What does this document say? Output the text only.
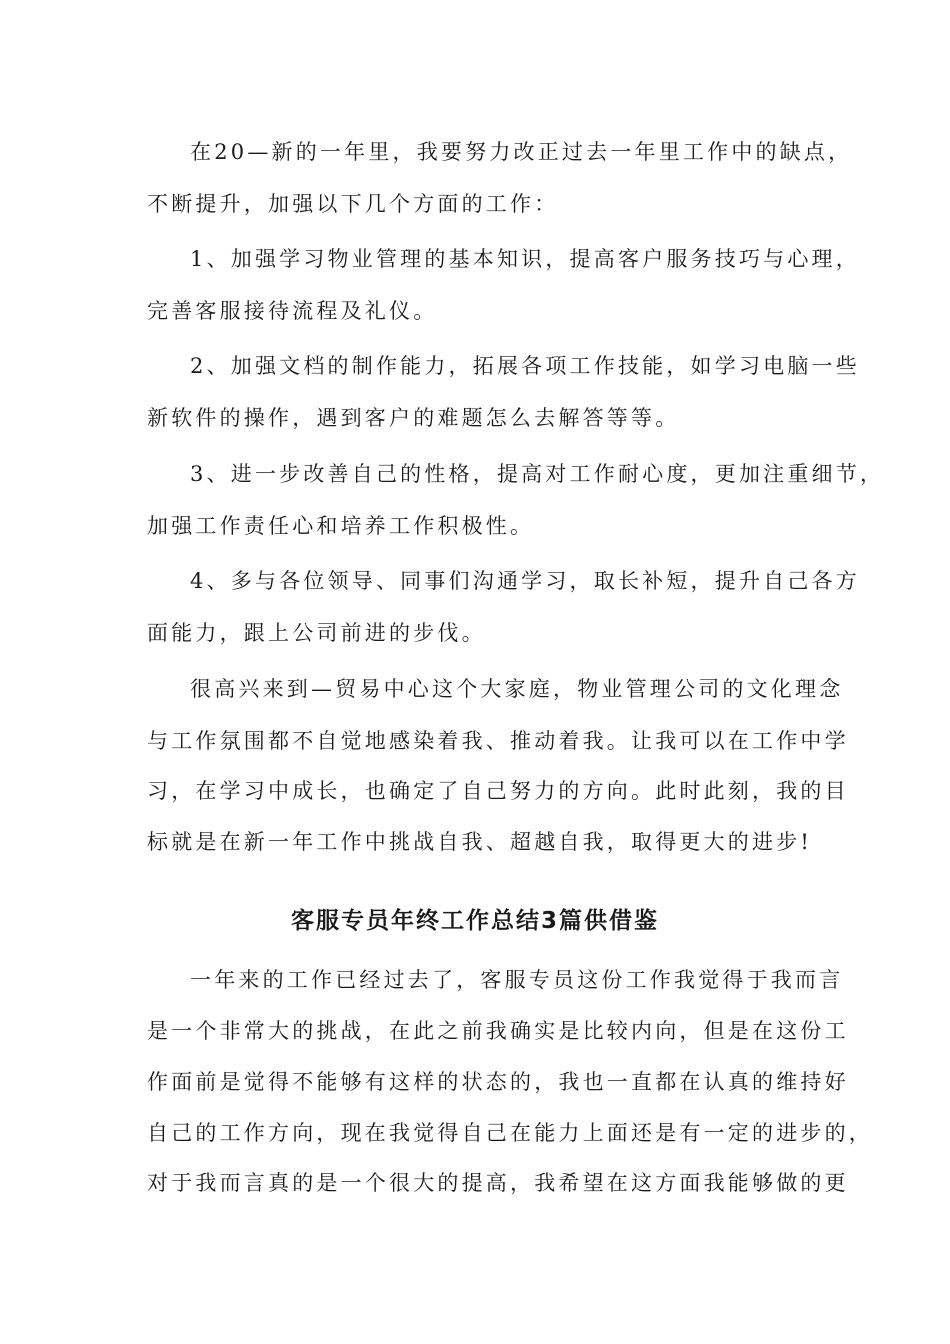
在20—新的一年里，我要努力改正过去一年里工作中的缺点，
不断提升，加强以下几个方面的工作：
1、加强学习物业管理的基本知识，提高客户服务技巧与心理，
完善客服接待流程及礼仪。
2、加强文档的制作能力，拓展各项工作技能，如学习电脑一些
新软件的操作，遇到客户的难题怎么去解答等等。
3、进一步改善自己的性格，提高对工作耐心度，更加注重细节，
加强工作责任心和培养工作积极性。
4、多与各位领导、同事们沟通学习，取长补短，提升自己各方
面能力，跟上公司前进的步伐。
很高兴来到—贸易中心这个大家庭，物业管理公司的文化理念
与工作氛围都不自觉地感染着我、推动着我。让我可以在工作中学
习，在学习中成长，也确定了自己努力的方向。此时此刻，我的目
标就是在新一年工作中挑战自我、超越自我，取得更大的进步!
客服专员年终工作总结3篇供借鉴
一年来的工作已经过去了，客服专员这份工作我觉得于我而言
是一个非常大的挑战，在此之前我确实是比较内向，但是在这份工
作面前是觉得不能够有这样的状态的，我也一直都在认真的维持好
自己的工作方向，现在我觉得自己在能力上面还是有一定的进步的，
对于我而言真的是一个很大的提高，我希望在这方面我能够做的更
